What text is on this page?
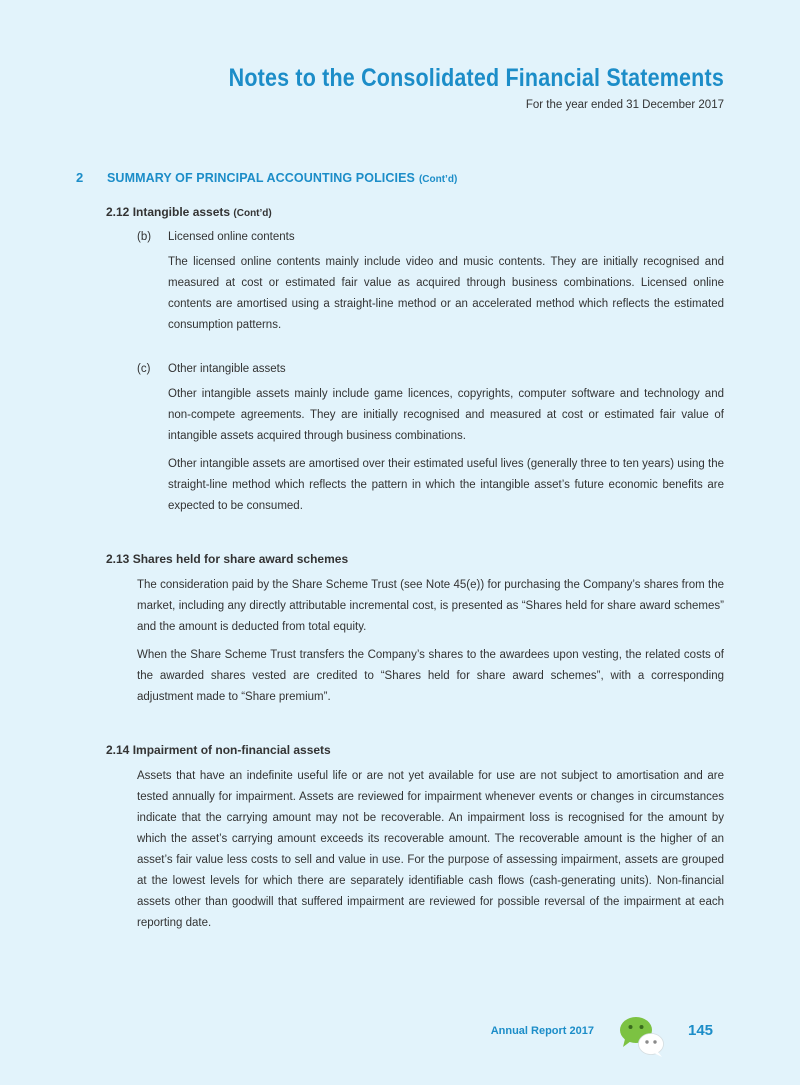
Notes to the Consolidated Financial Statements
For the year ended 31 December 2017
2	SUMMARY OF PRINCIPAL ACCOUNTING POLICIES (Cont’d)
2.12 Intangible assets (Cont’d)
(b)	Licensed online contents

The licensed online contents mainly include video and music contents. They are initially recognised and measured at cost or estimated fair value as acquired through business combinations. Licensed online contents are amortised using a straight-line method or an accelerated method which reflects the estimated consumption patterns.

(c)	Other intangible assets

Other intangible assets mainly include game licences, copyrights, computer software and technology and non-compete agreements. They are initially recognised and measured at cost or estimated fair value of intangible assets acquired through business combinations.

Other intangible assets are amortised over their estimated useful lives (generally three to ten years) using the straight-line method which reflects the pattern in which the intangible asset’s future economic benefits are expected to be consumed.

2.13 Shares held for share award schemes

The consideration paid by the Share Scheme Trust (see Note 45(e)) for purchasing the Company’s shares from the market, including any directly attributable incremental cost, is presented as “Shares held for share award schemes” and the amount is deducted from total equity.

When the Share Scheme Trust transfers the Company’s shares to the awardees upon vesting, the related costs of the awarded shares vested are credited to “Shares held for share award schemes”, with a corresponding adjustment made to “Share premium”.

2.14 Impairment of non-financial assets

Assets that have an indefinite useful life or are not yet available for use are not subject to amortisation and are tested annually for impairment. Assets are reviewed for impairment whenever events or changes in circumstances indicate that the carrying amount may not be recoverable. An impairment loss is recognised for the amount by which the asset’s carrying amount exceeds its recoverable amount. The recoverable amount is the higher of an asset’s fair value less costs to sell and value in use. For the purpose of assessing impairment, assets are grouped at the lowest levels for which there are separately identifiable cash flows (cash-generating units). Non-financial assets other than goodwill that suffered impairment are reviewed for possible reversal of the impairment at each reporting date.

Annual Report 2017	145
